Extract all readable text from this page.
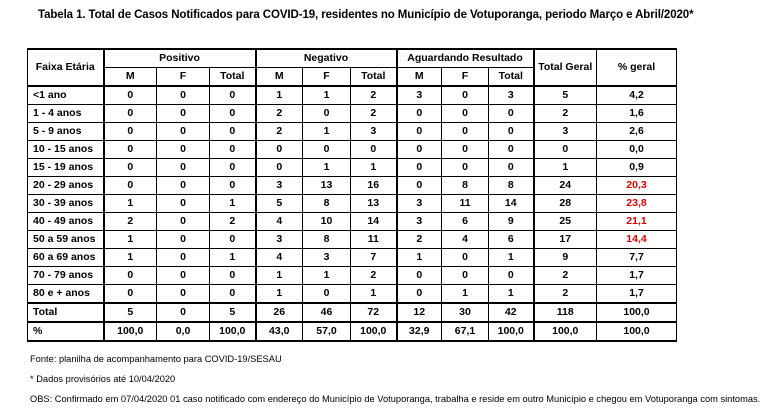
Tabela 1. Total de Casos Notificados para COVID-19, residentes no Município de Votuporanga, periodo Março e Abril/2020*
Faixa Etária	Positivo			Negativo			Aguardando Resultado			Total Geral	% geral
	M	F	Total	M	F	Total	M	F	Total		
<1 ano	0	0	0	1	1	2	3	0	3	5	4,2
1 - 4 anos	0	0	0	2	0	2	0	0	0	2	1,6
5 - 9 anos	0	0	0	2	1	3	0	0	0	3	2,6
10 - 15 anos	0	0	0	0	0	0	0	0	0	0	0,0
15 - 19 anos	0	0	0	0	1	1	0	0	0	1	0,9
20 - 29 anos	0	0	0	3	13	16	0	8	8	24	20,3
30 - 39 anos	1	0	1	5	8	13	3	11	14	28	23,8
40 - 49 anos	2	0	2	4	10	14	3	6	9	25	21,1
50 a 59 anos	1	0	0	3	8	11	2	4	6	17	14,4
60 a 69 anos	1	0	1	4	3	7	1	0	1	9	7,7
70 - 79 anos	0	0	0	1	1	2	0	0	0	2	1,7
80 e + anos	0	0	0	1	0	1	0	1	1	2	1,7
Total	5	0	5	26	46	72	12	30	42	118	100,0
%	100,0	0,0	100,0	43,0	57,0	100,0	32,9	67,1	100,0	100,0	100,0
Fonte: planilha de acompanhamento para COVID-19/SESAU
* Dados provisórios até 10/04/2020
OBS: Confirmado em 07/04/2020 01 caso notificado com endereço do Município de Votuporanga, trabalha e reside em outro Município e chegou em Votuporanga com sintomas.
